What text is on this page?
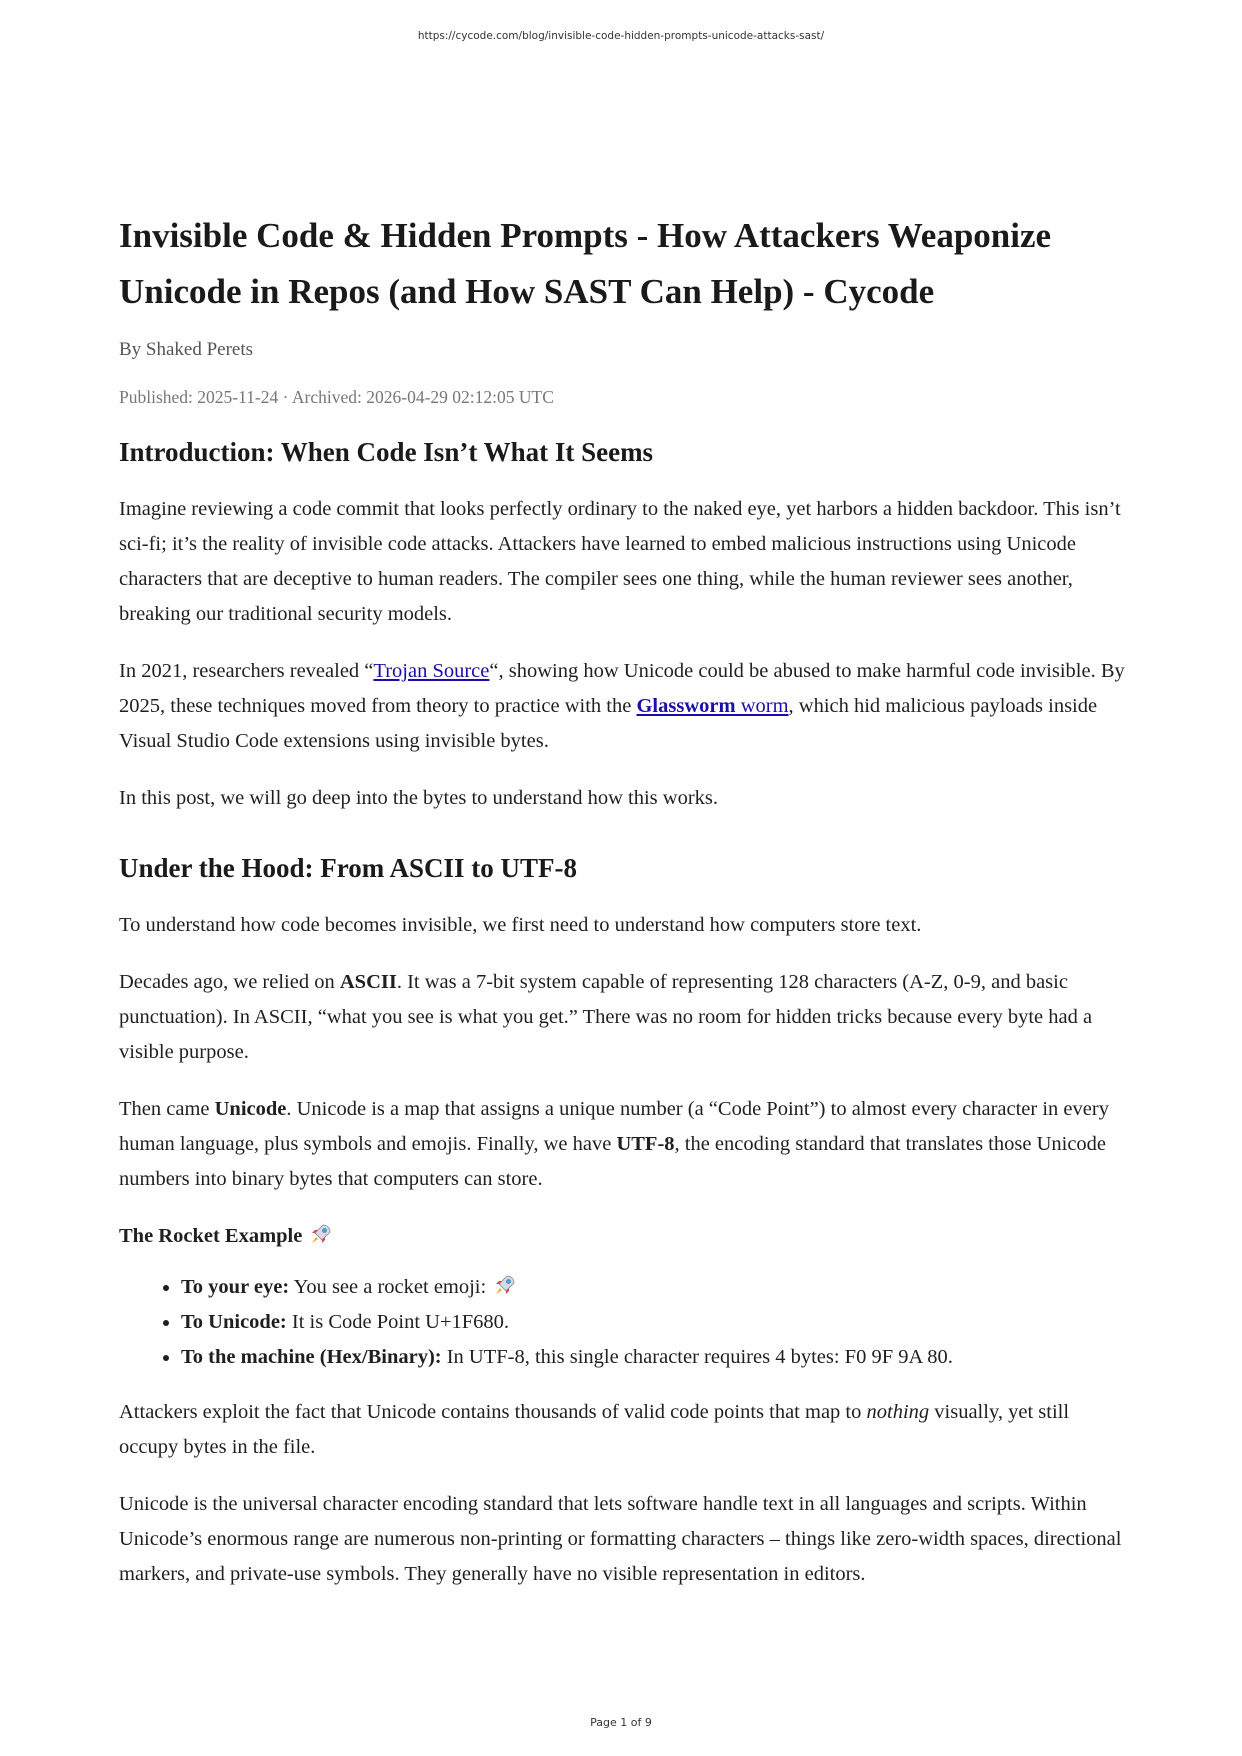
https://cycode.com/blog/invisible-code-hidden-prompts-unicode-attacks-sast/
Invisible Code & Hidden Prompts - How Attackers Weaponize Unicode in Repos (and How SAST Can Help) - Cycode
By Shaked Perets
Published: 2025-11-24 · Archived: 2026-04-29 02:12:05 UTC
Introduction: When Code Isn’t What It Seems

Imagine reviewing a code commit that looks perfectly ordinary to the naked eye, yet harbors a hidden backdoor. This isn’t sci-fi; it’s the reality of invisible code attacks. Attackers have learned to embed malicious instructions using Unicode characters that are deceptive to human readers. The compiler sees one thing, while the human reviewer sees another, breaking our traditional security models.

In 2021, researchers revealed “Trojan Source“, showing how Unicode could be abused to make harmful code invisible. By 2025, these techniques moved from theory to practice with the Glassworm worm, which hid malicious payloads inside Visual Studio Code extensions using invisible bytes.

In this post, we will go deep into the bytes to understand how this works.

Under the Hood: From ASCII to UTF-8

To understand how code becomes invisible, we first need to understand how computers store text.

Decades ago, we relied on ASCII. It was a 7-bit system capable of representing 128 characters (A-Z, 0-9, and basic punctuation). In ASCII, “what you see is what you get.” There was no room for hidden tricks because every byte had a visible purpose.

Then came Unicode. Unicode is a map that assigns a unique number (a “Code Point”) to almost every character in every human language, plus symbols and emojis. Finally, we have UTF-8, the encoding standard that translates those Unicode numbers into binary bytes that computers can store.

The Rocket Example

• To your eye: You see a rocket emoji:
• To Unicode: It is Code Point U+1F680.
• To the machine (Hex/Binary): In UTF-8, this single character requires 4 bytes: F0 9F 9A 80.

Attackers exploit the fact that Unicode contains thousands of valid code points that map to nothing visually, yet still occupy bytes in the file.

Unicode is the universal character encoding standard that lets software handle text in all languages and scripts. Within Unicode’s enormous range are numerous non-printing or formatting characters – things like zero-width spaces, directional markers, and private-use symbols. They generally have no visible representation in editors.

Page 1 of 9
